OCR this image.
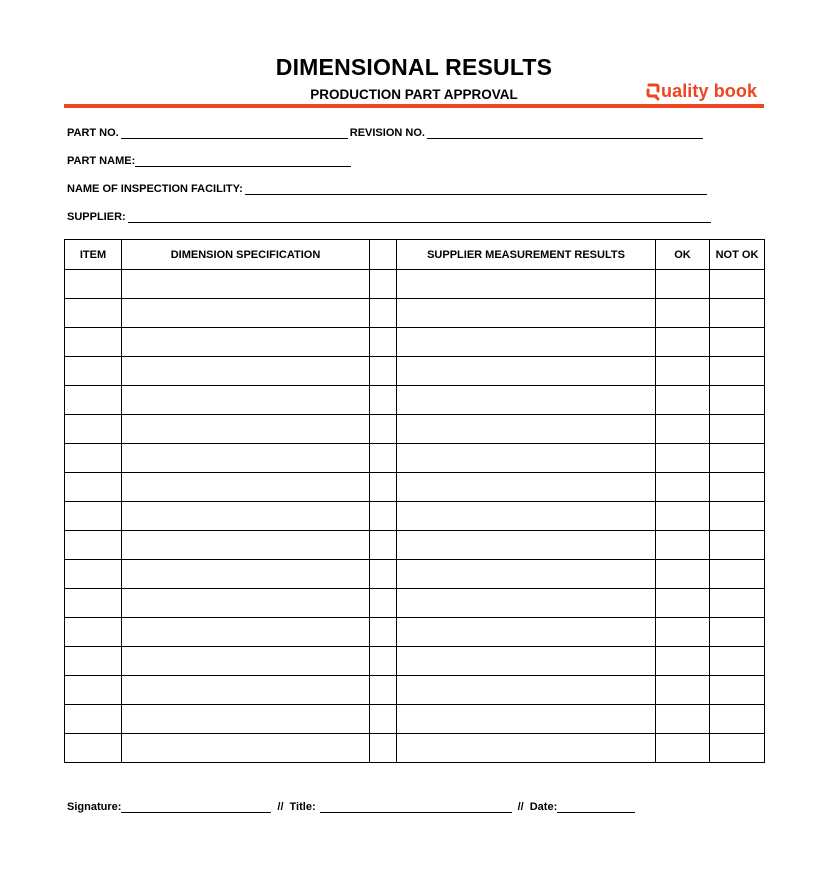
DIMENSIONAL RESULTS
PRODUCTION PART APPROVAL	uality book
PART NO.	REVISION NO.
PART NAME:
NAME OF INSPECTION FACILITY:
SUPPLIER:
ITEM	DIMENSION SPECIFICATION		SUPPLIER MEASUREMENT RESULTS	OK	NOT OK

Signature:	// Title:	// Date:
